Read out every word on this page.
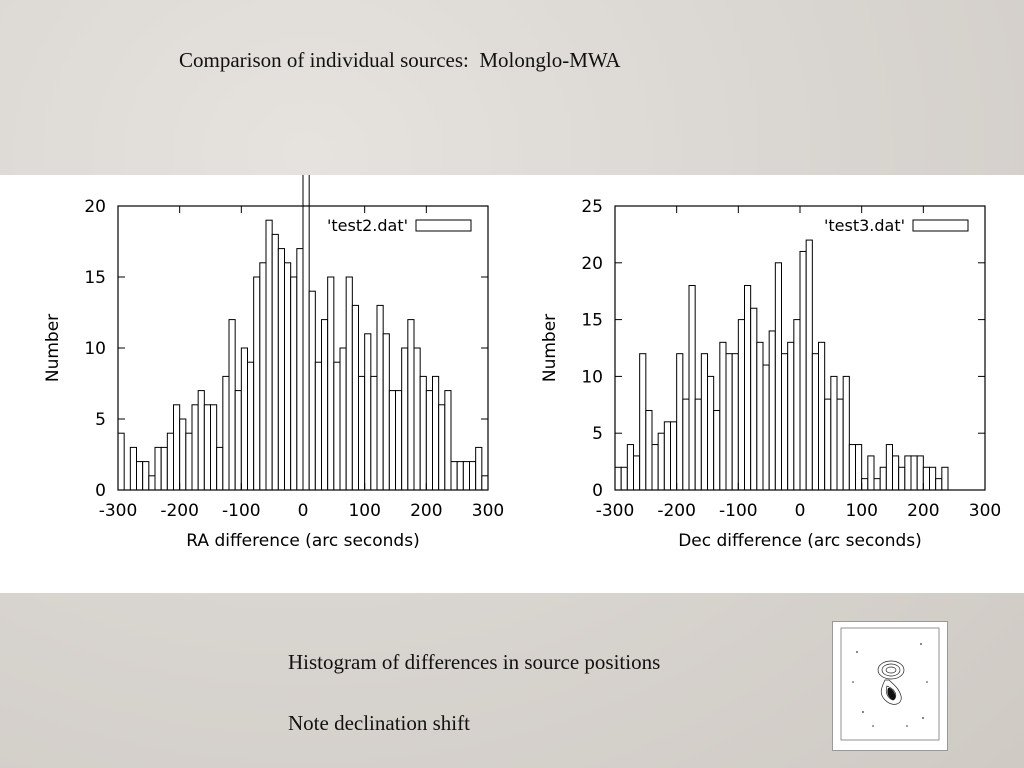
Comparison of individual sources:  Molonglo-MWA
0
5
10
15
20
-300 -200 -100 0 100 200 300
RA difference (arc seconds)
Number
'test2.dat'
0
5
10
15
20
25
-300 -200 -100 0 100 200 300
Dec difference (arc seconds)
Number
'test3.dat'
Histogram of differences in source positions
Note declination shift
